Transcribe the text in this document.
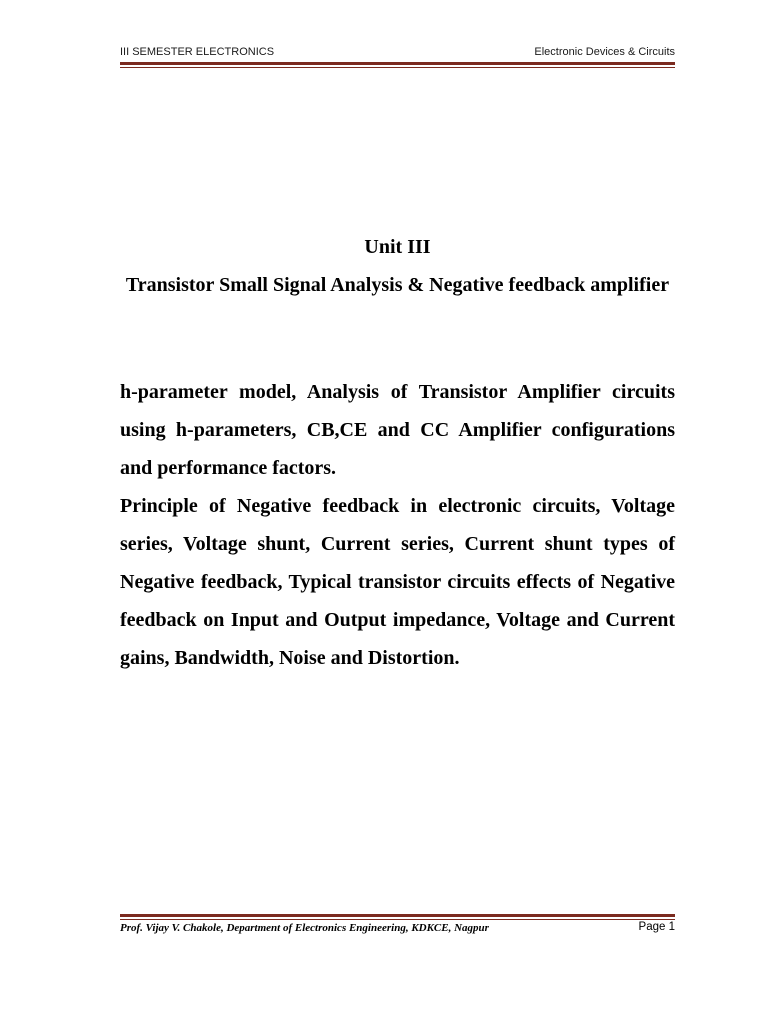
III SEMESTER ELECTRONICS	Electronic Devices & Circuits
Unit III
Transistor Small Signal Analysis & Negative feedback amplifier

h-parameter model, Analysis of Transistor Amplifier circuits using h-parameters, CB,CE and CC Amplifier configurations and performance factors.

Principle of Negative feedback in electronic circuits, Voltage series, Voltage shunt, Current series, Current shunt types of Negative feedback, Typical transistor circuits effects of Negative feedback on Input and Output impedance, Voltage and Current gains, Bandwidth, Noise and Distortion.

Prof. Vijay V. Chakole, Department of Electronics Engineering, KDKCE, Nagpur	Page 1
